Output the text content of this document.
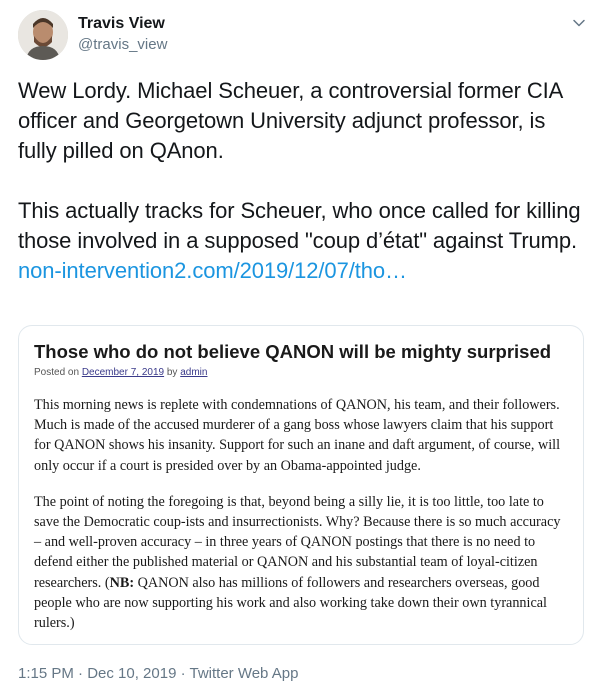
Travis View
@travis_view

Wew Lordy. Michael Scheuer, a controversial former CIA officer and Georgetown University adjunct professor, is fully pilled on QAnon.

This actually tracks for Scheuer, who once called for killing those involved in a supposed "coup d’état" against Trump.

non-intervention2.com/2019/12/07/tho…

Those who do not believe QANON will be mighty surprised
Posted on December 7, 2019 by admin

This morning news is replete with condemnations of QANON, his team, and their followers. Much is made of the accused murderer of a gang boss whose lawyers claim that his support for QANON shows his insanity. Support for such an inane and daft argument, of course, will only occur if a court is presided over by an Obama-appointed judge.

The point of noting the foregoing is that, beyond being a silly lie, it is too little, too late to save the Democratic coup-ists and insurrectionists. Why? Because there is so much accuracy – and well-proven accuracy – in three years of QANON postings that there is no need to defend either the published material or QANON and his substantial team of loyal-citizen researchers. (NB: QANON also has millions of followers and researchers overseas, good people who are now supporting his work and also working take down their own tyrannical rulers.)

1:15 PM · Dec 10, 2019 · Twitter Web App
